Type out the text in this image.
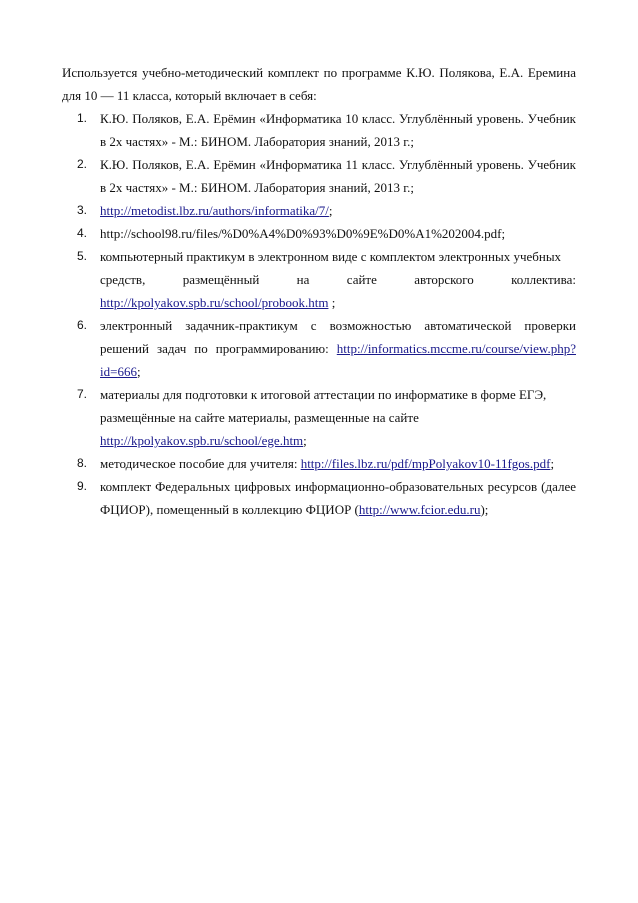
Используется учебно-методический комплект по программе К.Ю. Полякова, Е.А. Еремина для 10 — 11 класса, который включает в себя:

1. К.Ю. Поляков, Е.А. Ерёмин «Информатика 10 класс. Углублённый уровень. Учебник в 2х частях» - М.: БИНОМ. Лаборатория знаний, 2013 г.;
2. К.Ю. Поляков, Е.А. Ерёмин «Информатика 11 класс. Углублённый уровень. Учебник в 2х частях» - М.: БИНОМ. Лаборатория знаний, 2013 г.;
3. http://metodist.lbz.ru/authors/informatika/7/;
4. http://school98.ru/files/%D0%A4%D0%93%D0%9E%D0%A1%202004.pdf;
5. компьютерный практикум в электронном виде с комплектом электронных учебных
средств, размещённый на сайте авторского коллектива:
http://kpolyakov.spb.ru/school/probook.htm ;
6. электронный задачник-практикум с возможностью автоматической проверки решений задач по программированию: http://informatics.mccme.ru/course/view.php?id=666;
7. материалы для подготовки к итоговой аттестации по информатике в форме ЕГЭ,
размещённые на сайте материалы, размещенные на сайте
http://kpolyakov.spb.ru/school/ege.htm;
8. методическое пособие для учителя: http://files.lbz.ru/pdf/mpPolyakov10-11fgos.pdf;
9. комплект Федеральных цифровых информационно-образовательных ресурсов (далее ФЦИОР), помещенный в коллекцию ФЦИОР (http://www.fcior.edu.ru);
